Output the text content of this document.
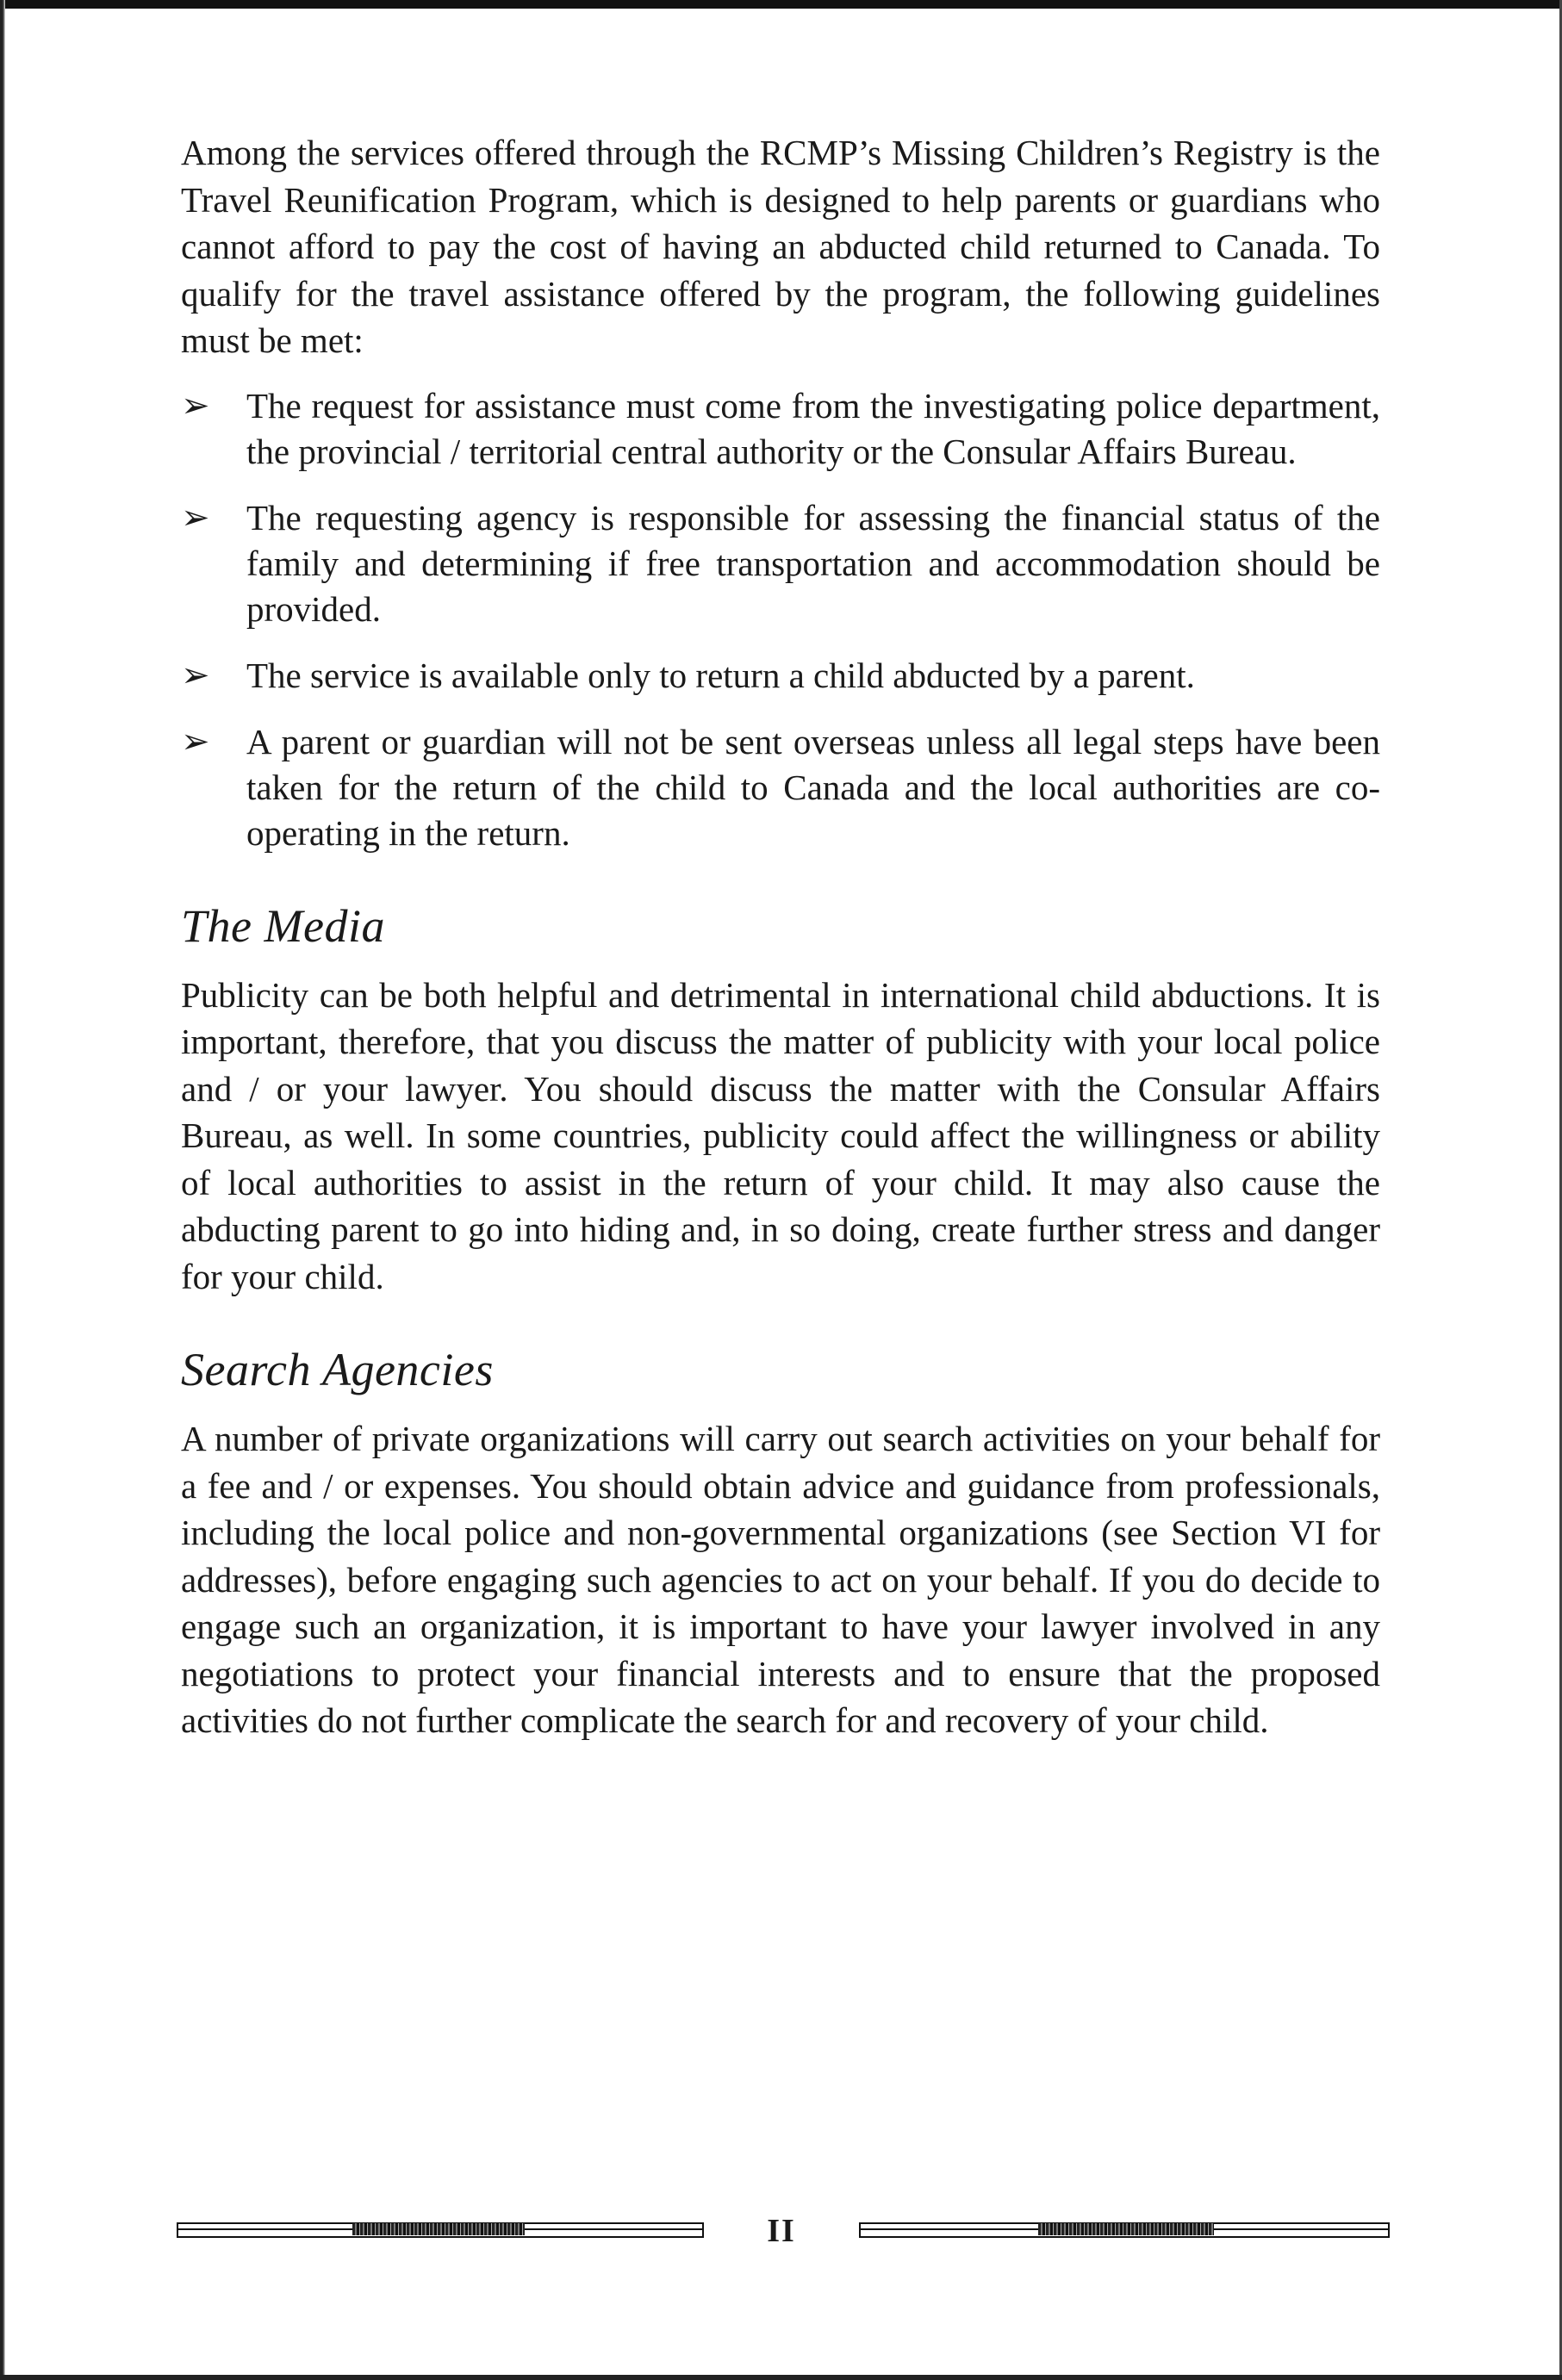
Among the services offered through the RCMP’s Missing Children’s Registry is the Travel Reunification Program, which is designed to help parents or guardians who cannot afford to pay the cost of having an abducted child returned to Canada. To qualify for the travel assistance offered by the program, the following guidelines must be met:

➢ The request for assistance must come from the investigating police department, the provincial / territorial central authority or the Consular Affairs Bureau.
➢ The requesting agency is responsible for assessing the financial status of the family and determining if free transportation and accommodation should be provided.
➢ The service is available only to return a child abducted by a parent.
➢ A parent or guardian will not be sent overseas unless all legal steps have been taken for the return of the child to Canada and the local authorities are co-operating in the return.
The Media

Publicity can be both helpful and detrimental in international child abductions. It is important, therefore, that you discuss the matter of publicity with your local police and / or your lawyer. You should discuss the matter with the Consular Affairs Bureau, as well. In some countries, publicity could affect the willingness or ability of local authorities to assist in the return of your child. It may also cause the abducting parent to go into hiding and, in so doing, create further stress and danger for your child.

Search Agencies

A number of private organizations will carry out search activities on your behalf for a fee and / or expenses. You should obtain advice and guidance from professionals, including the local police and non-governmental organizations (see Section VI for addresses), before engaging such agencies to act on your behalf. If you do decide to engage such an organization, it is important to have your lawyer involved in any negotiations to protect your financial interests and to ensure that the proposed activities do not further complicate the search for and recovery of your child.

II
